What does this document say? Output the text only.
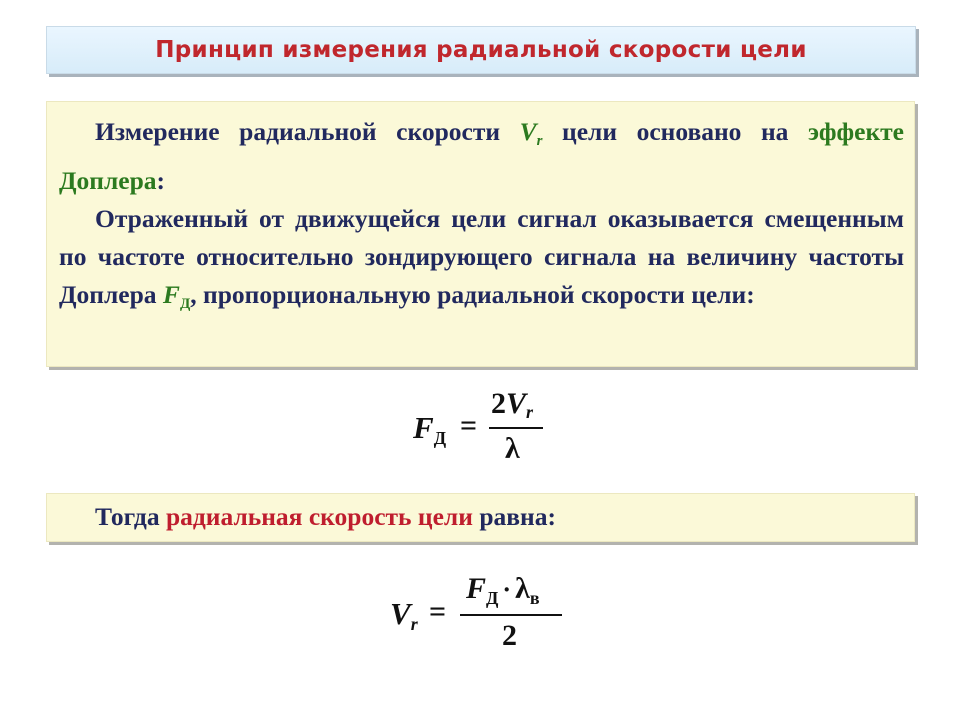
Принцип измерения радиальной скорости цели
Измерение радиальной скорости $V_r$ цели основано на эффекте Доплера:
Отраженный от движущейся цели сигнал оказывается смещенным по частоте относительно зондирующего сигнала на величину частоты Доплера $F_Д$, пропорциональную радиальной скорости цели:
$F_Д$ =
2Vr
λ
Тогда радиальная скорость цели равна:
Vr =
$F_Д \cdot \lambda_в$
2
